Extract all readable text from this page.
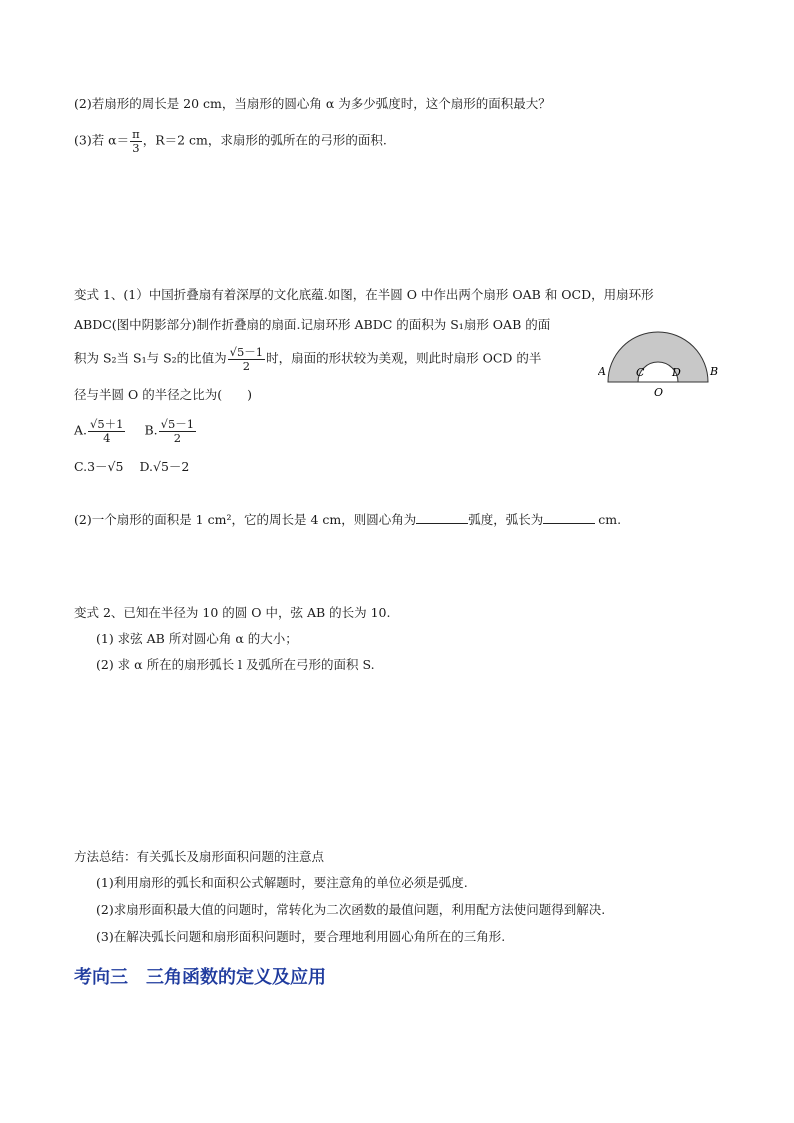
(2)若扇形的周长是 20 cm，当扇形的圆心角 α 为多少弧度时，这个扇形的面积最大？
(3)若 $\alpha= \frac{\pi}{3}$ ，R＝2 cm，求扇形的弧所在的弓形的面积.
变式 1、(1）中国折叠扇有着深厚的文化底蕴.如图，在半圆 O 中作出两个扇形 OAB 和 OCD，用扇环形
ABDC(图中阴影部分)制作折叠扇的扇面.记扇环形 ABDC 的面积为 S₁扇形 OAB 的面
积为 S₂当 S₁与 S₂的比值为 $\frac{√5-1}{2}$ 时，扇面的形状较为美观，则此时扇形 OCD 的半
径与半圆 O 的半径之比为(　　)
A. $\frac{√5+1}{4} B$. $\frac{√5-1}{2}$
C.3－√5 D.√5－2
A	B
C	D
O
(2)一个扇形的面积是 1 cm²，它的周长是 4 cm，则圆心角为	弧度，弧长为	cm.
变式 2、已知在半径为 10 的圆 O 中，弦 AB 的长为 10.
(1) 求弦 AB 所对圆心角 α 的大小；
(2) 求 α 所在的扇形弧长 l 及弧所在弓形的面积 S.
方法总结：有关弧长及扇形面积问题的注意点
(1)利用扇形的弧长和面积公式解题时，要注意角的单位必须是弧度.
(2)求扇形面积最大值的问题时，常转化为二次函数的最值问题，利用配方法使问题得到解决.
(3)在解决弧长问题和扇形面积问题时，要合理地利用圆心角所在的三角形.
考向三　三角函数的定义及应用
